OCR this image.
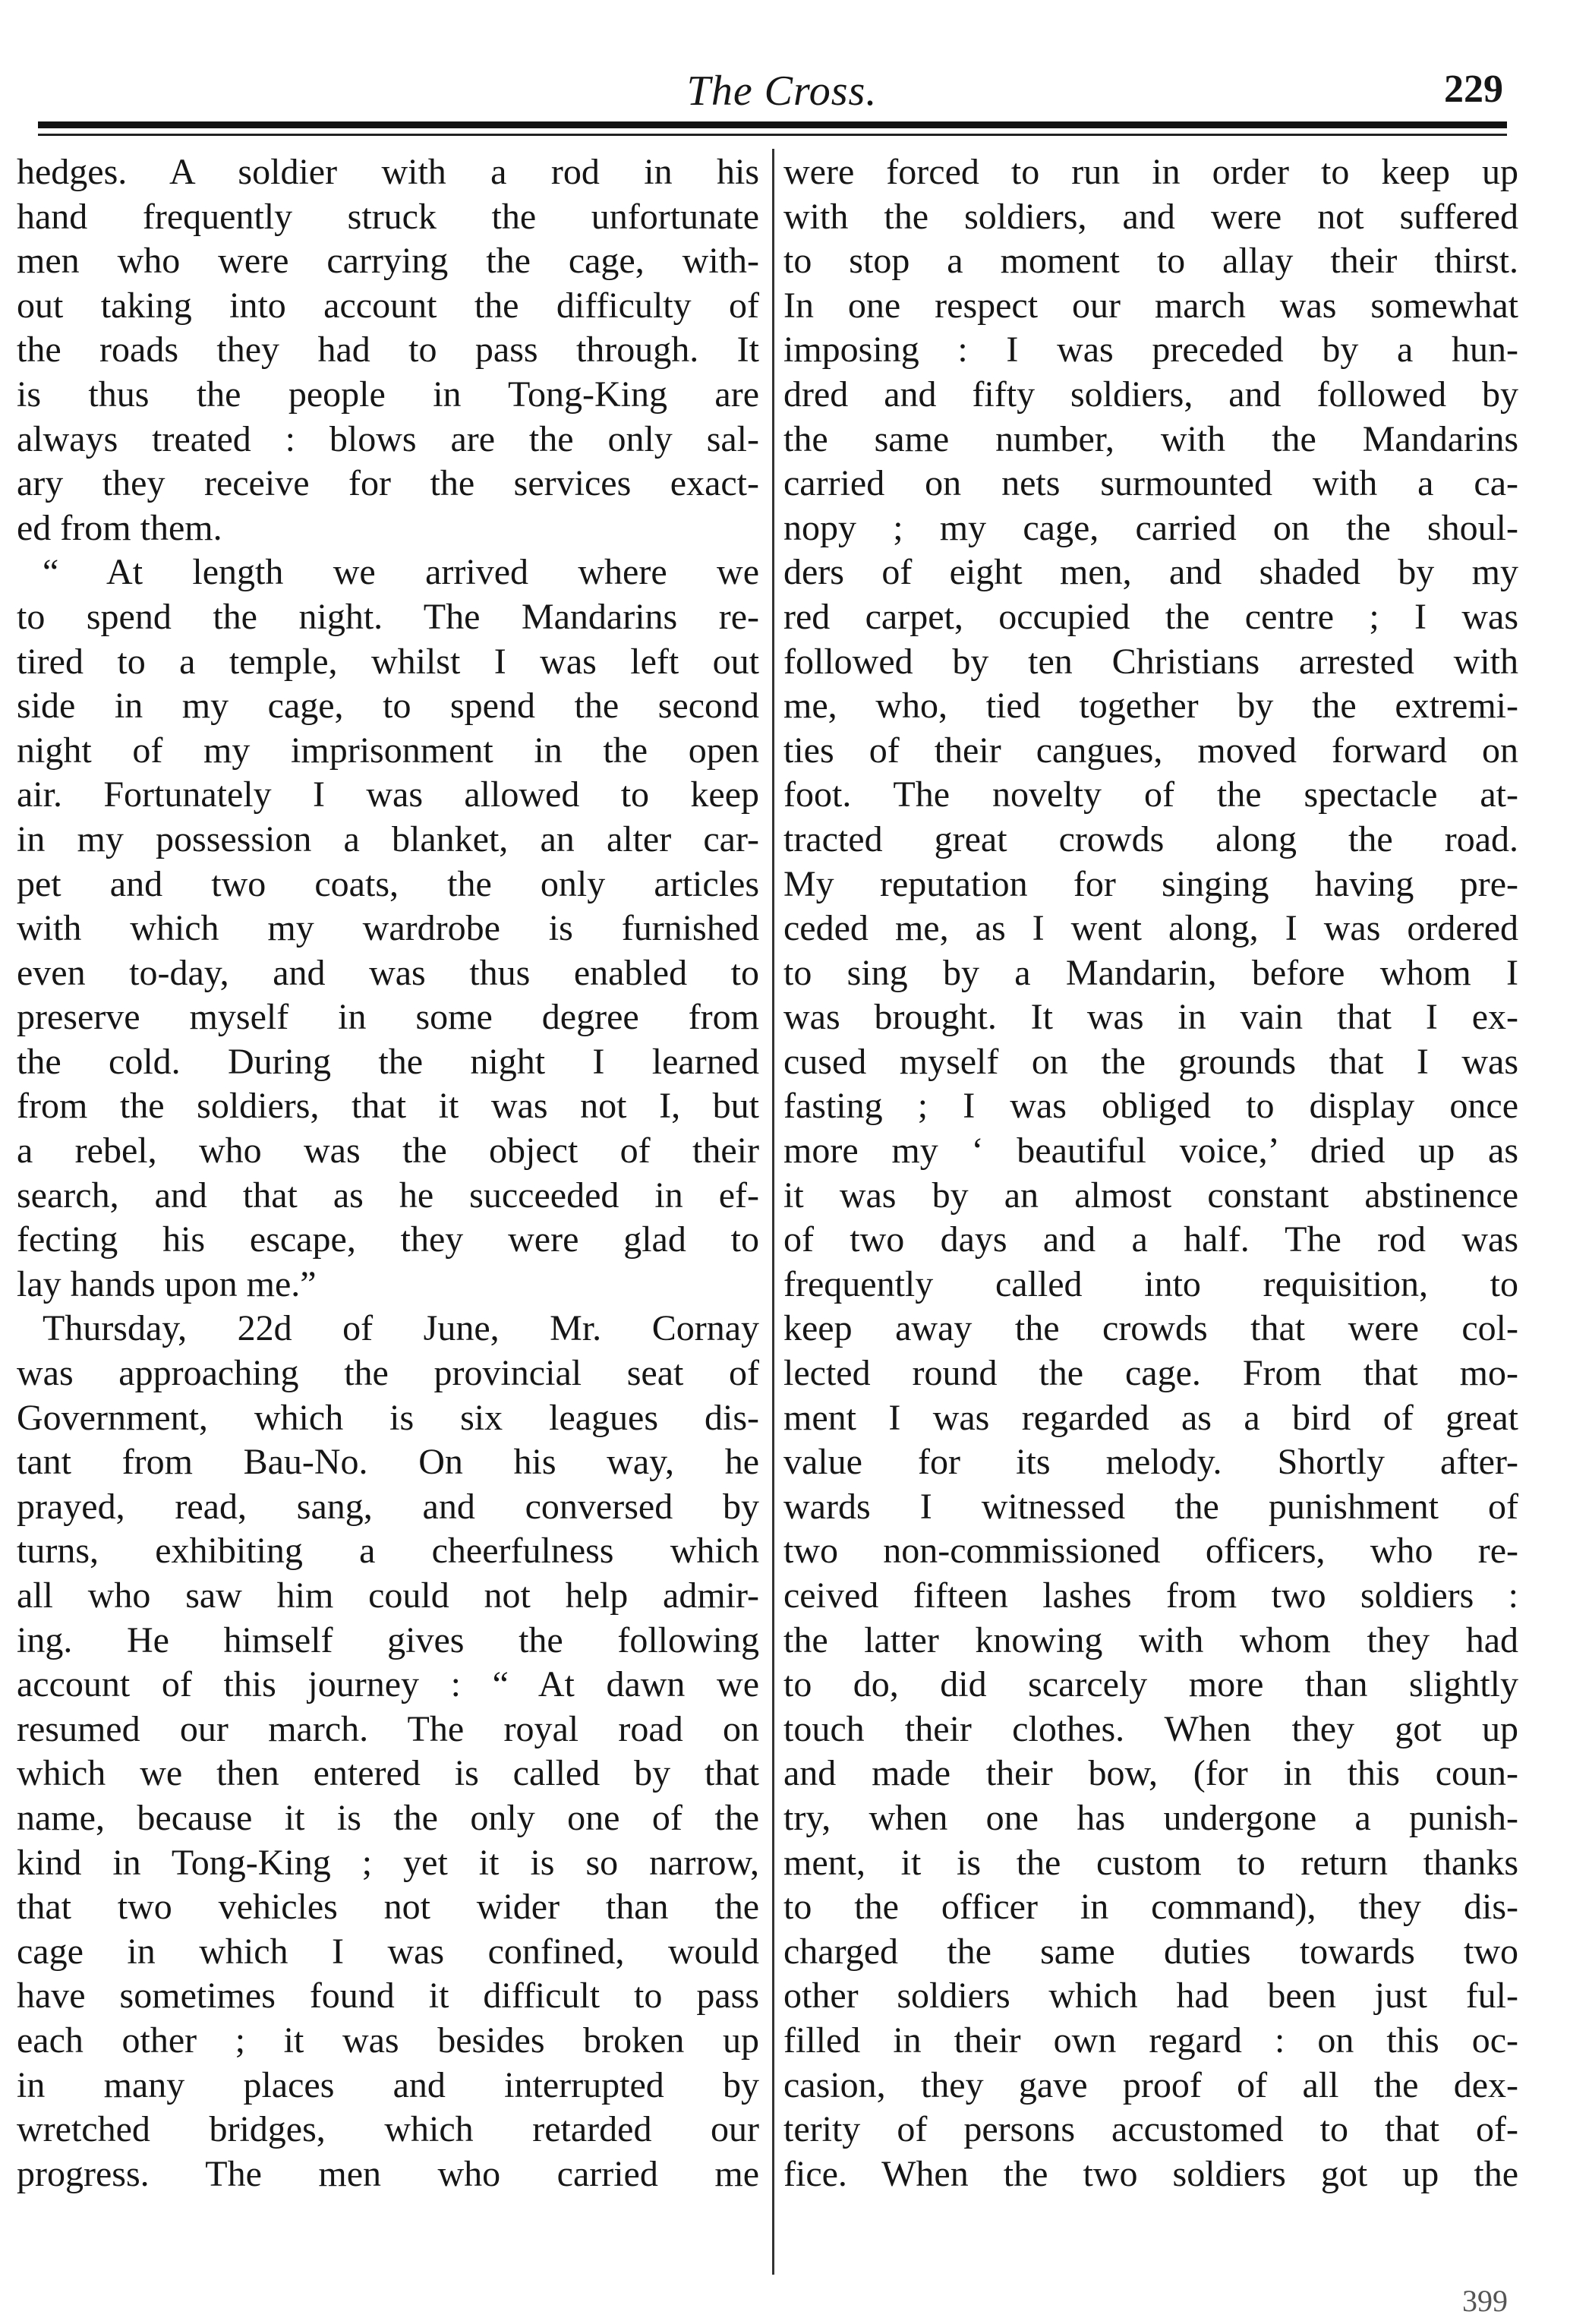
The Cross.	229
hedges. A soldier with a rod in his
hand frequently struck the unfortunate
men who were carrying the cage, with-
out taking into account the difficulty of
the roads they had to pass through. It
is thus the people in Tong-King are
always treated : blows are the only sal-
ary they receive for the services exact-
ed from them.
“ At length we arrived where we
to spend the night. The Mandarins re-
tired to a temple, whilst I was left out
side in my cage, to spend the second
night of my imprisonment in the open
air. Fortunately I was allowed to keep
in my possession a blanket, an alter car-
pet and two coats, the only articles
with which my wardrobe is furnished
even to-day, and was thus enabled to
preserve myself in some degree from
the cold. During the night I learned
from the soldiers, that it was not I, but
a rebel, who was the object of their
search, and that as he succeeded in ef-
fecting his escape, they were glad to
lay hands upon me.”
Thursday, 22d of June, Mr. Cornay
was approaching the provincial seat of
Government, which is six leagues dis-
tant from Bau-No. On his way, he
prayed, read, sang, and conversed by
turns, exhibiting a cheerfulness which
all who saw him could not help admir-
ing. He himself gives the following
account of this journey : “ At dawn we
resumed our march. The royal road on
which we then entered is called by that
name, because it is the only one of the
kind in Tong-King ; yet it is so narrow,
that two vehicles not wider than the
cage in which I was confined, would
have sometimes found it difficult to pass
each other ; it was besides broken up
in many places and interrupted by
wretched bridges, which retarded our
progress. The men who carried me
were forced to run in order to keep up
with the soldiers, and were not suffered
to stop a moment to allay their thirst.
In one respect our march was somewhat
imposing : I was preceded by a hun-
dred and fifty soldiers, and followed by
the same number, with the Mandarins
carried on nets surmounted with a ca-
nopy ; my cage, carried on the shoul-
ders of eight men, and shaded by my
red carpet, occupied the centre ; I was
followed by ten Christians arrested with
me, who, tied together by the extremi-
ties of their cangues, moved forward on
foot. The novelty of the spectacle at-
tracted great crowds along the road.
My reputation for singing having pre-
ceded me, as I went along, I was ordered
to sing by a Mandarin, before whom I
was brought. It was in vain that I ex-
cused myself on the grounds that I was
fasting ; I was obliged to display once
more my ‘ beautiful voice,’ dried up as
it was by an almost constant abstinence
of two days and a half. The rod was
frequently called into requisition, to
keep away the crowds that were col-
lected round the cage. From that mo-
ment I was regarded as a bird of great
value for its melody. Shortly after-
wards I witnessed the punishment of
two non-commissioned officers, who re-
ceived fifteen lashes from two soldiers :
the latter knowing with whom they had
to do, did scarcely more than slightly
touch their clothes. When they got up
and made their bow, (for in this coun-
try, when one has undergone a punish-
ment, it is the custom to return thanks
to the officer in command), they dis-
charged the same duties towards two
other soldiers which had been just ful-
filled in their own regard : on this oc-
casion, they gave proof of all the dex-
terity of persons accustomed to that of-
fice. When the two soldiers got up the
399
